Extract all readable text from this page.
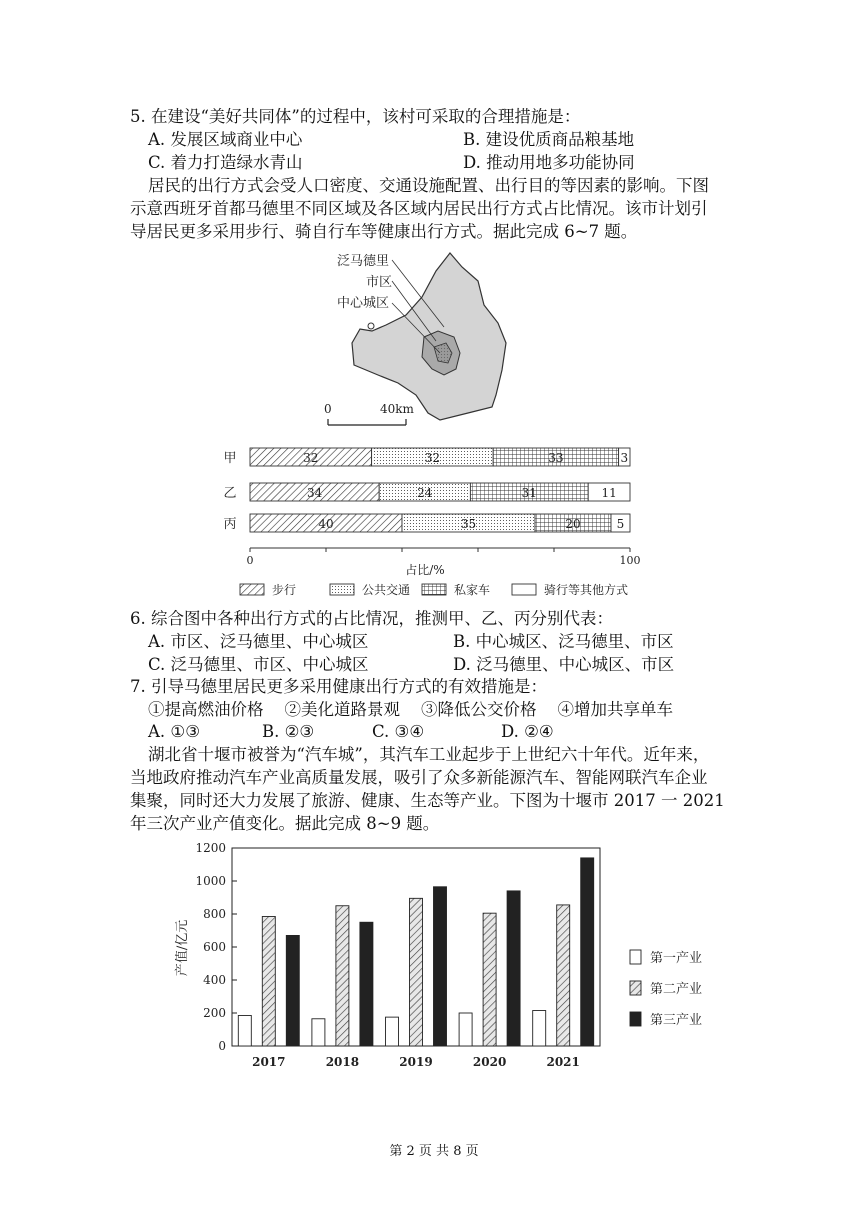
5. 在建设“美好共同体”的过程中，该村可采取的合理措施是：
A. 发展区域商业中心	B. 建设优质商品粮基地
C. 着力打造绿水青山	D. 推动用地多功能协同
居民的出行方式会受人口密度、交通设施配置、出行目的等因素的影响。下图
示意西班牙首都马德里不同区域及各区域内居民出行方式占比情况。该市计划引
导居民更多采用步行、骑自行车等健康出行方式。据此完成 6~7 题。
泛马德里
市区
中心城区
0	40km
甲	32	32	33	3
乙	34	24	31	11
丙	40	35	20	5
0	100
占比/%
步行	公共交通	私家车	骑行等其他方式
6. 综合图中各种出行方式的占比情况，推测甲、乙、丙分别代表：
A. 市区、泛马德里、中心城区	B. 中心城区、泛马德里、市区
C. 泛马德里、市区、中心城区	D. 泛马德里、中心城区、市区
7. 引导马德里居民更多采用健康出行方式的有效措施是：
①提高燃油价格    ②美化道路景观    ③降低公交价格    ④增加共享单车
A. ①③	B. ②③	C. ③④	D. ②④
湖北省十堰市被誉为“汽车城”，其汽车工业起步于上世纪六十年代。近年来，
当地政府推动汽车产业高质量发展，吸引了众多新能源汽车、智能网联汽车企业
集聚，同时还大力发展了旅游、健康、生态等产业。下图为十堰市 2017 一 2021
年三次产业产值变化。据此完成 8~9 题。
0
200
400
600
800
1000
1200
2017	2018	2019	2020	2021
产值/亿元	第一产业
第二产业
第三产业
第 2 页 共 8 页
